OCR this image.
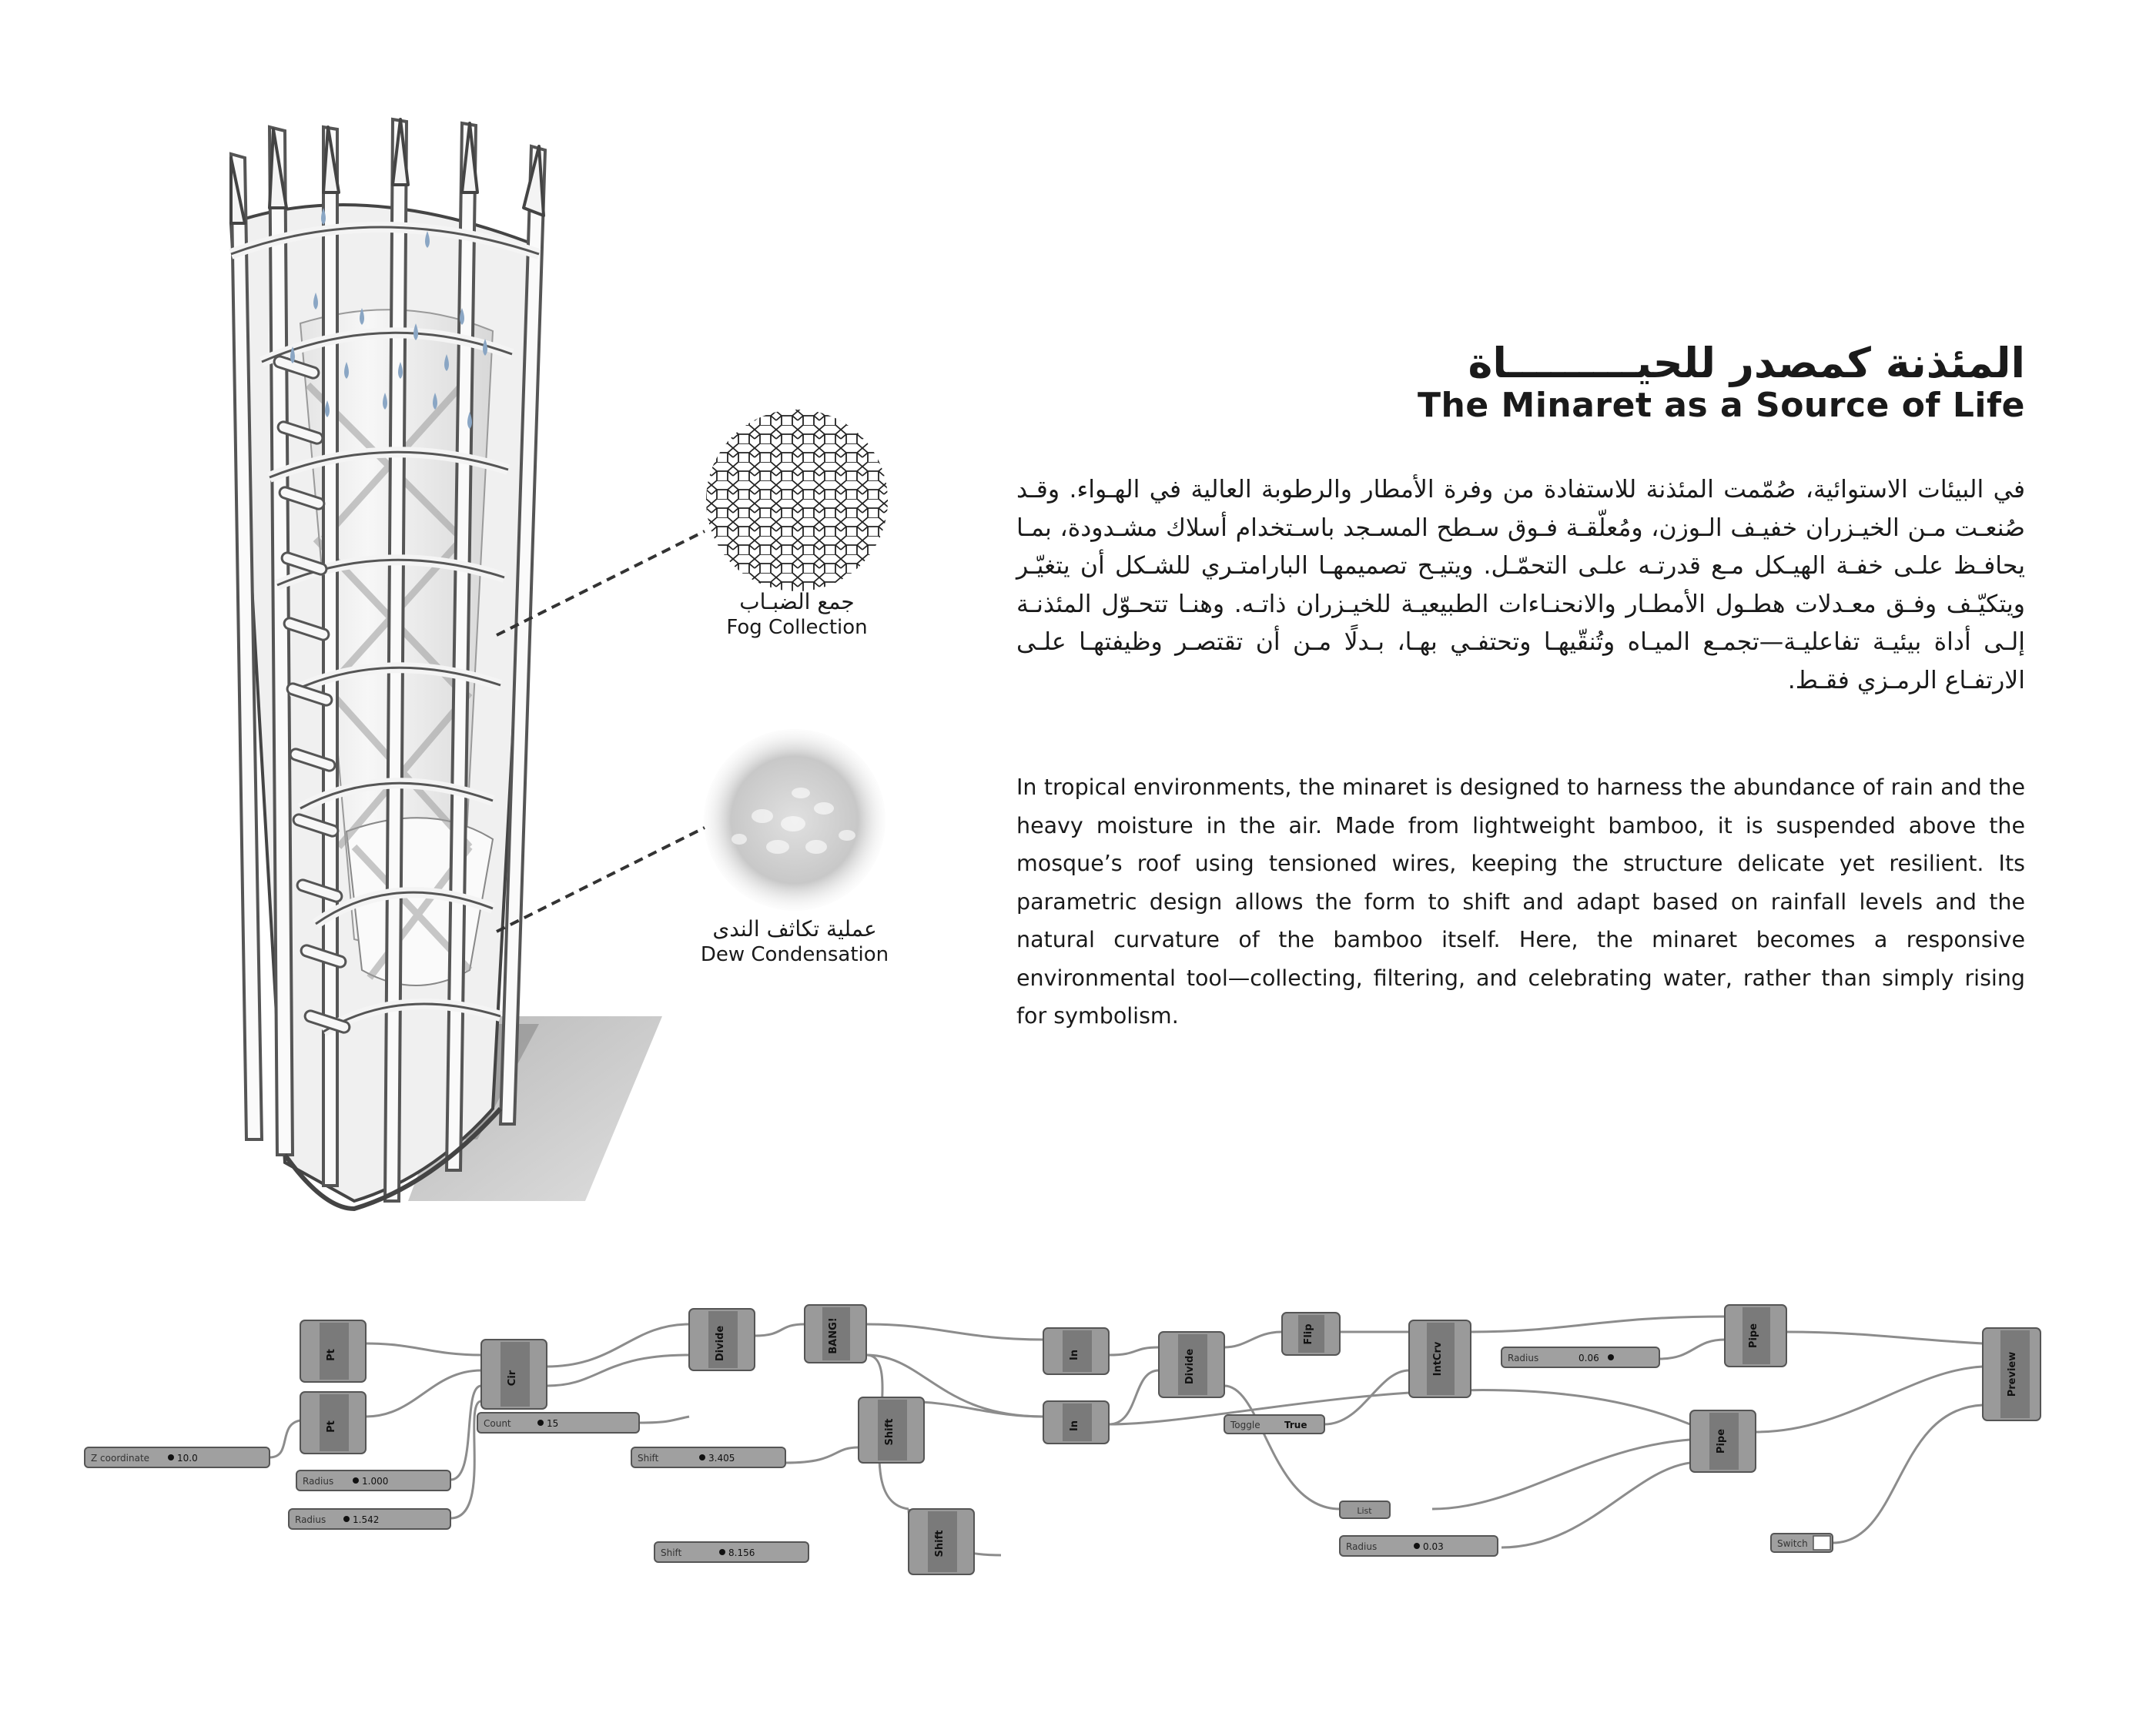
جمع الضبـاب
Fog Collection
عملية تكاثف الندى
Dew Condensation
المئذنة كمصدر للحيـــــــــاة
The Minaret as a Source of Life
في البيئات الاستوائية، صُمّمت المئذنة للاستفادة من وفرة الأمطار والرطوبة العالية في الهـواء. وقـد صُنعـت مـن الخيـزران خفيـف الـوزن، ومُعلّقـة فـوق سـطح المسـجد باسـتخدام أسلاك مشـدودة، بمـا يحافـظ علـى خفـة الهيـكل مـع قدرتـه علـى التحمّـل. ويتيـح تصميمهـا البارامتـري للشـكل أن يتغيّـر ويتكيّـف وفـق معـدلات هطـول الأمطـار والانحنـاءات الطبيعيـة للخيـزران ذاتـه. وهنـا تتحـوّل المئذنـة إلـى أداة بيئيـة تفاعليـة—تجمـع الميـاه وتُنقّيهـا وتحتفـي بهـا، بـدلًا مـن أن تقتصـر وظيفتهـا علـى الارتفـاع الرمـزي فقـط.
In tropical environments, the minaret is designed to harness the abundance of rain and the heavy moisture in the air. Made from lightweight bamboo, it is suspended above the mosque’s roof using tensioned wires, keeping the structure delicate yet resilient. Its parametric design allows the form to shift and adapt based on rainfall levels and the natural curvature of the bamboo itself. Here, the minaret becomes a responsive environmental tool—collecting, filtering, and celebrating water, rather than simply rising for symbolism.
Pt
Pt
Cir
Divide	BANG!
Shift
Shift
In
In
Divide
Flip
IntCrv
Pipe
Pipe
Preview
List
Z coordinate	10.0
Radius	1.000
Radius	1.542
Count	15
Shift	3.405
Shift	8.156
Toggle	True
Radius	0.06
Radius	0.03	Switch
